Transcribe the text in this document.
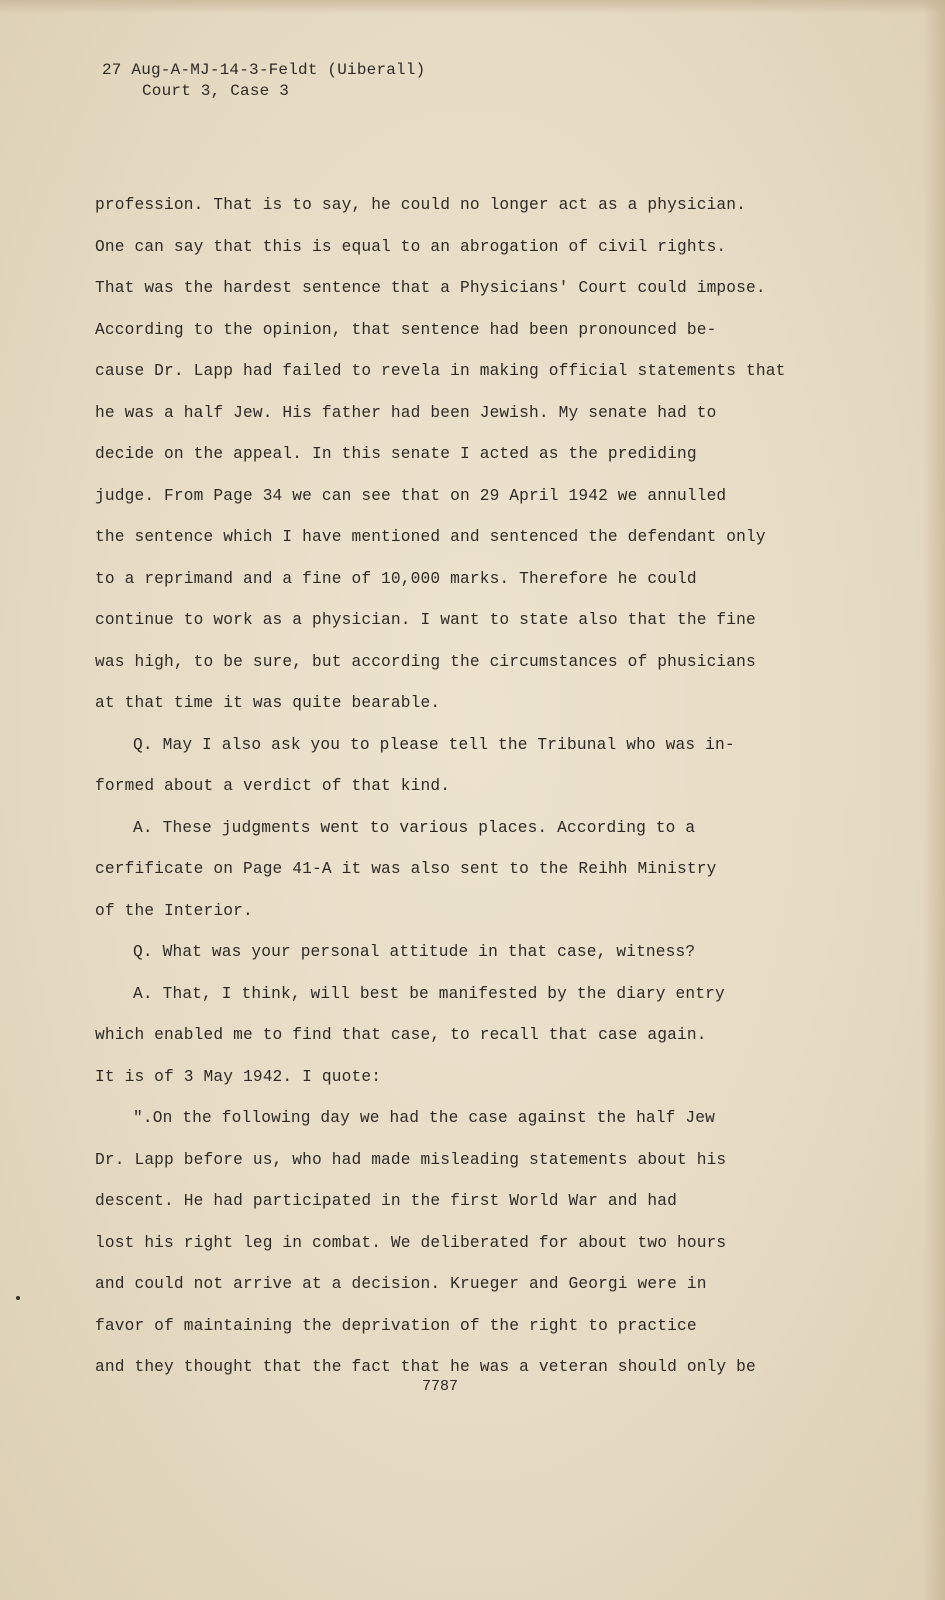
27 Aug-A-MJ-14-3-Feldt (Uiberall)
Court 3, Case 3
profession. That is to say, he could no longer act as a physician.
One can say that this is equal to an abrogation of civil rights.
That was the hardest sentence that a Physicians' Court could impose.
According to the opinion, that sentence had been pronounced be-
cause Dr. Lapp had failed to revela in making official statements that
he was a half Jew. His father had been Jewish. My senate had to
decide on the appeal. In this senate I acted as the prediding
judge. From Page 34 we can see that on 29 April 1942 we annulled
the sentence which I have mentioned and sentenced the defendant only
to a reprimand and a fine of 10,000 marks. Therefore he could
continue to work as a physician. I want to state also that the fine
was high, to be sure, but according the circumstances of phusicians
at that time it was quite bearable.
Q. May I also ask you to please tell the Tribunal who was in-
formed about a verdict of that kind.
A. These judgments went to various places. According to a
cerfificate on Page 41-A it was also sent to the Reihh Ministry
of the Interior.
Q. What was your personal attitude in that case, witness?
A. That, I think, will best be manifested by the diary entry
which enabled me to find that case, to recall that case again.
It is of 3 May 1942. I quote:
".On the following day we had the case against the half Jew
Dr. Lapp before us, who had made misleading statements about his
descent. He had participated in the first World War and had
lost his right leg in combat. We deliberated for about two hours
and could not arrive at a decision. Krueger and Georgi were in
favor of maintaining the deprivation of the right to practice
and they thought that the fact that he was a veteran should only be
7787
